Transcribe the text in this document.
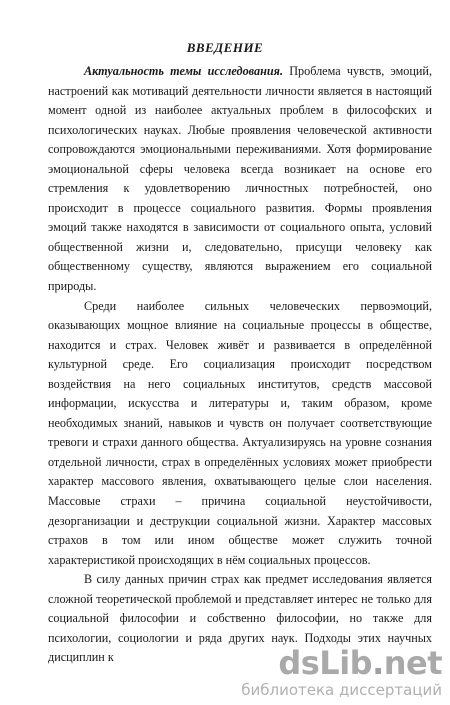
ВВЕДЕНИЕ

Актуальность темы исследования. Проблема чувств, эмоций, настроений как мотиваций деятельности личности является в настоящий момент одной из наиболее актуальных проблем в философских и психологических науках. Любые проявления человеческой активности сопровождаются эмоциональными переживаниями. Хотя формирование эмоциональной сферы человека всегда возникает на основе его стремления к удовлетворению личностных потребностей, оно происходит в процессе социального развития. Формы проявления эмоций также находятся в зависимости от социального опыта, условий общественной жизни и, следовательно, присущи человеку как общественному существу, являются выражением его социальной природы.

Среди наиболее сильных человеческих первоэмоций, оказывающих мощное влияние на социальные процессы в обществе, находится и страх. Человек живёт и развивается в определённой культурной среде. Его социализация происходит посредством воздействия на него социальных институтов, средств массовой информации, искусства и литературы и, таким образом, кроме необходимых знаний, навыков и чувств он получает соответствующие тревоги и страхи данного общества. Актуализируясь на уровне сознания отдельной личности, страх в определённых условиях может приобрести характер массового явления, охватывающего целые слои населения. Массовые страхи – причина социальной неустойчивости, дезорганизации и деструкции социальной жизни. Характер массовых страхов в том или ином обществе может служить точной характеристикой происходящих в нём социальных процессов.

В силу данных причин страх как предмет исследования является сложной теоретической проблемой и представляет интерес не только для социальной философии и собственно философии, но также для психологии, социологии и ряда других наук. Подходы этих научных дисциплин к	dsLib.net
библиотека диссертаций
